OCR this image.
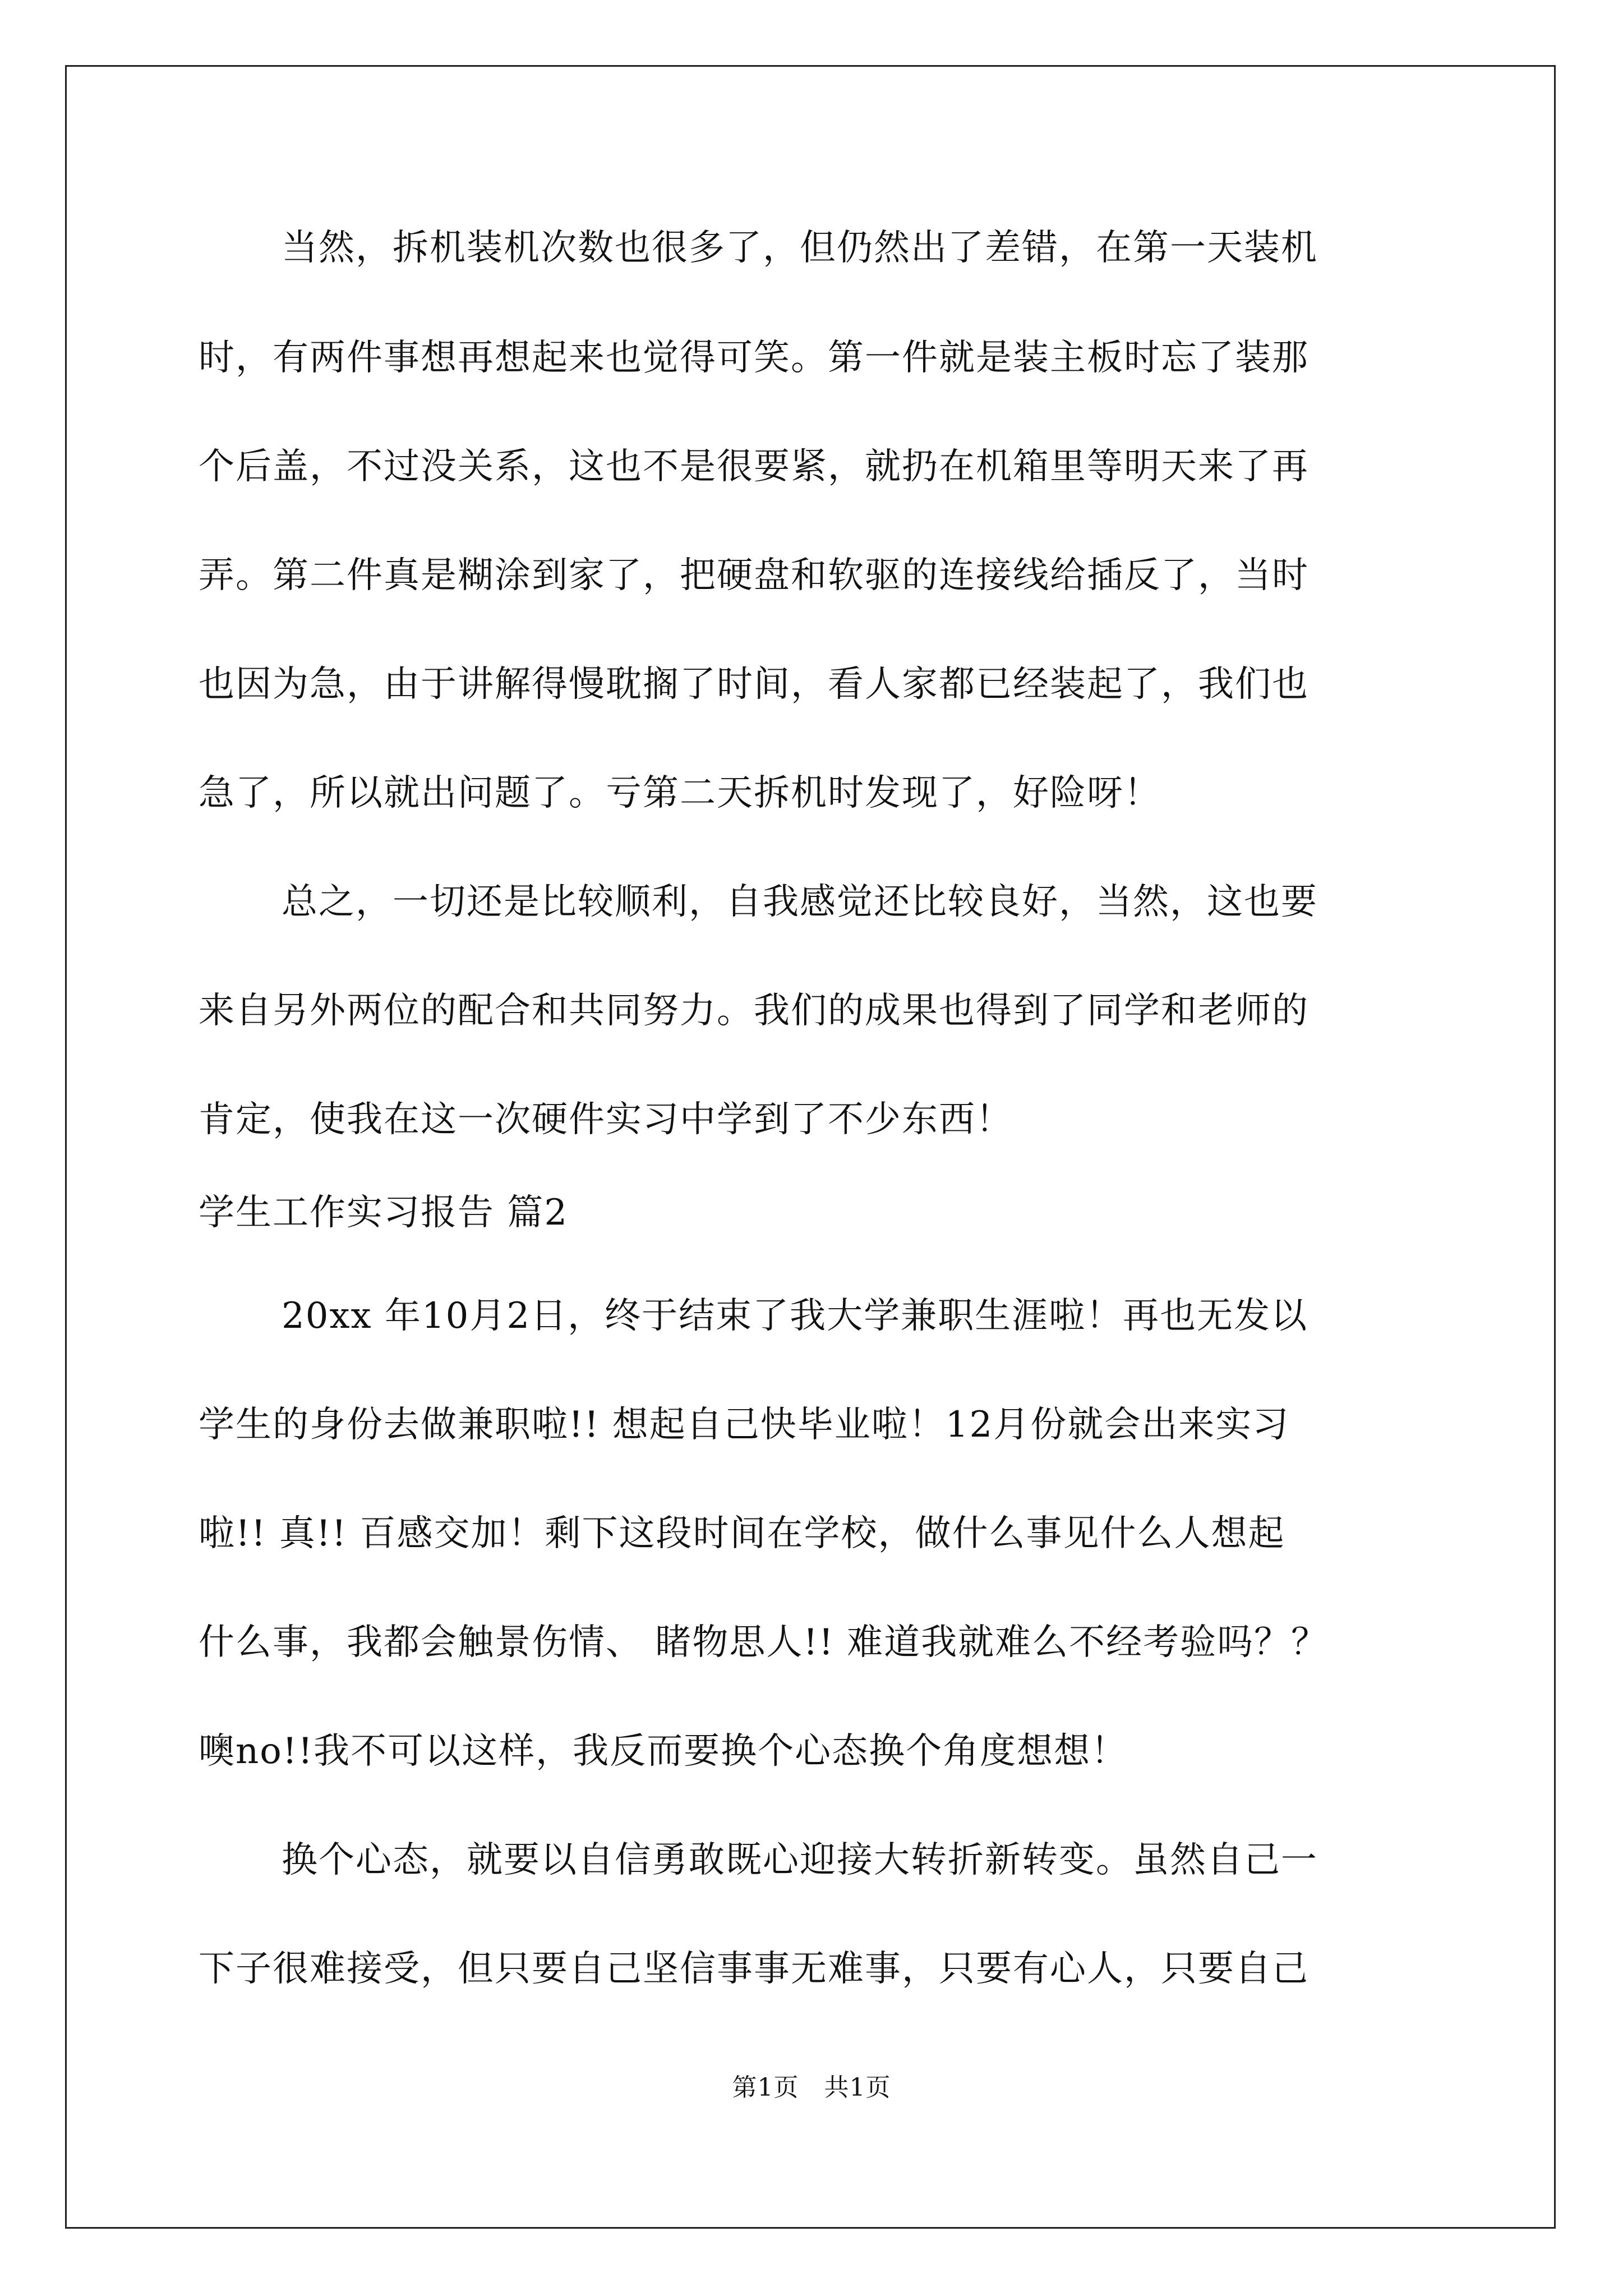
当然，拆机装机次数也很多了，但仍然出了差错，在第一天装机
时，有两件事想再想起来也觉得可笑。第一件就是装主板时忘了装那
个后盖，不过没关系，这也不是很要紧，就扔在机箱里等明天来了再
弄。第二件真是糊涂到家了，把硬盘和软驱的连接线给插反了，当时
也因为急，由于讲解得慢耽搁了时间，看人家都已经装起了，我们也
急了，所以就出问题了。亏第二天拆机时发现了，好险呀！
总之，一切还是比较顺利，自我感觉还比较良好，当然，这也要
来自另外两位的配合和共同努力。我们的成果也得到了同学和老师的
肯定，使我在这一次硬件实习中学到了不少东西！
学生工作实习报告 篇2
20xx 年10月2日，终于结束了我大学兼职生涯啦！再也无发以
学生的身份去做兼职啦!! 想起自己快毕业啦！12月份就会出来实习
啦!! 真!! 百感交加！剩下这段时间在学校，做什么事见什么人想起
什么事，我都会触景伤情、 睹物思人!! 难道我就难么不经考验吗？？
噢no!!我不可以这样，我反而要换个心态换个角度想想！
换个心态，就要以自信勇敢既心迎接大转折新转变。虽然自己一
下子很难接受，但只要自己坚信事事无难事，只要有心人，只要自己
第1页　共1页
